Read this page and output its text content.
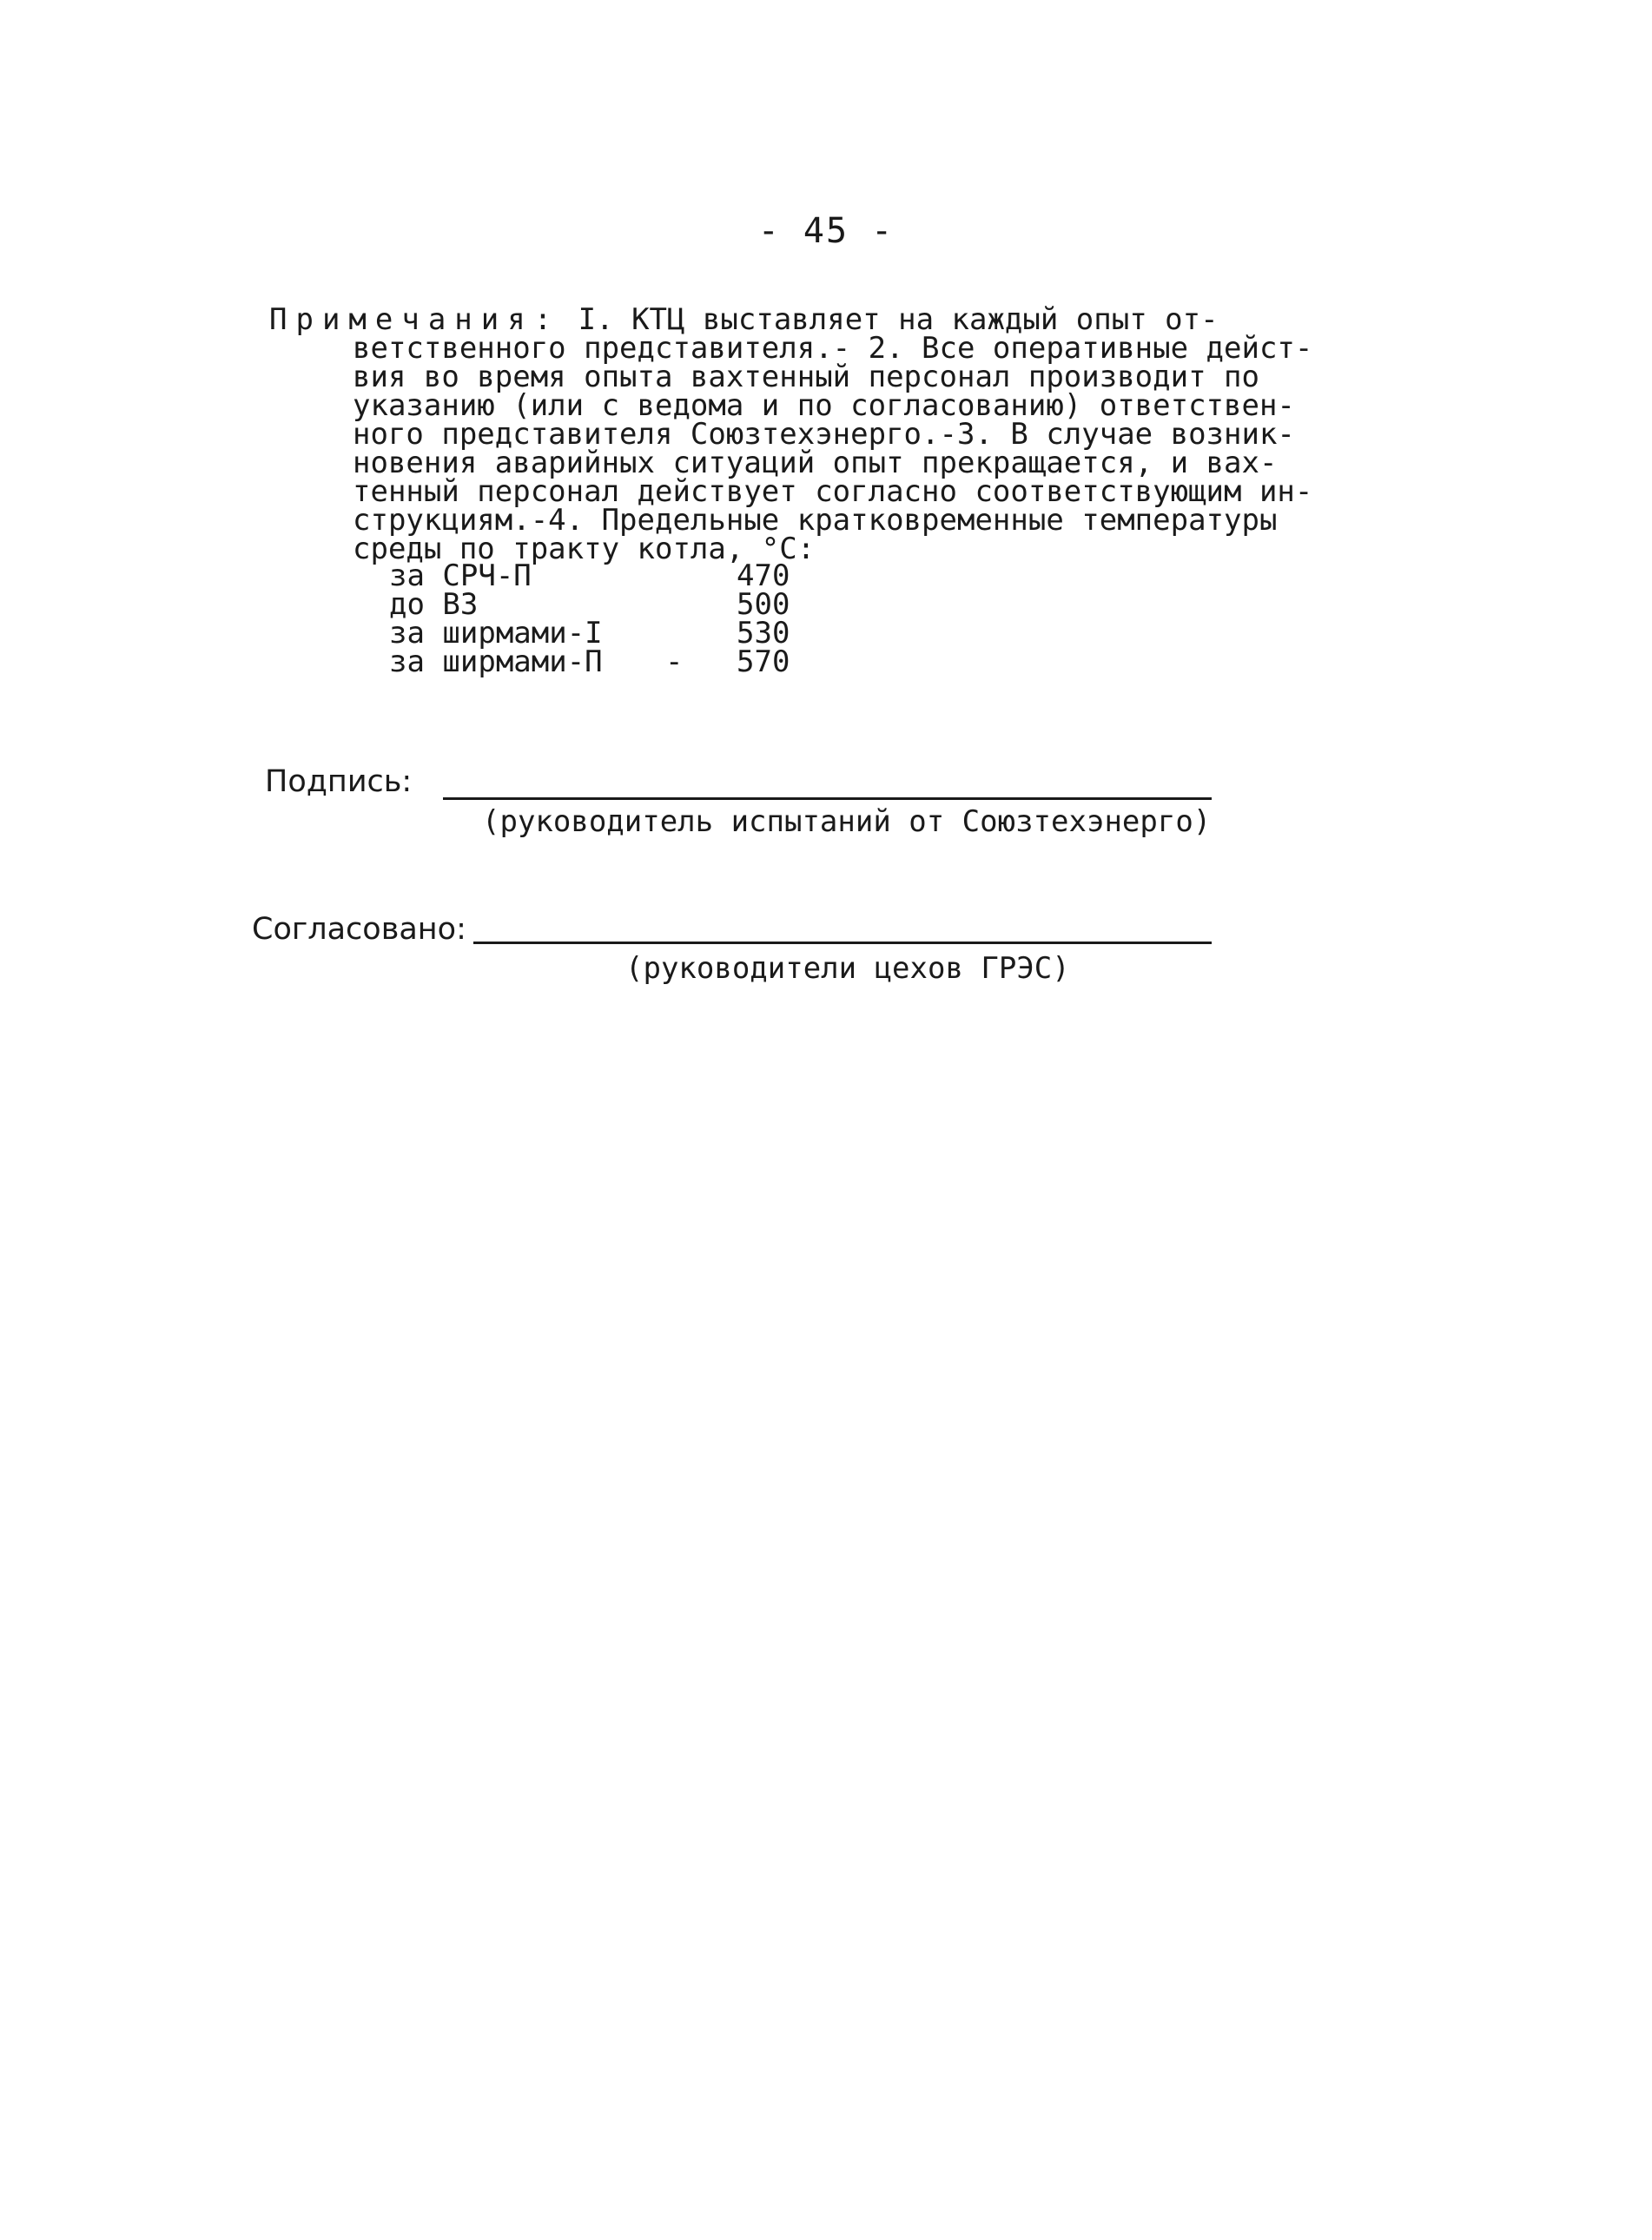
- 45 -
Примечания: I. КТЦ выставляет на каждый опыт от-
ветственного представителя.- 2. Все оперативные дейст-
вия во время опыта вахтенный персонал производит по
указанию (или с ведома и по согласованию) ответствен-
ного представителя Союзтехэнерго.-3. В случае возник-
новения аварийных ситуаций опыт прекращается, и вах-
тенный персонал действует согласно соответствующим ин-
струкциям.-4. Предельные кратковременные температуры
среды по тракту котла, °С:
за СРЧ-П	470
до ВЗ	500
за ширмами-I	530
за ширмами-П - 570
Подпись:
(руководитель испытаний от Союзтехэнерго)
Согласовано:
(руководители цехов ГРЭС)
